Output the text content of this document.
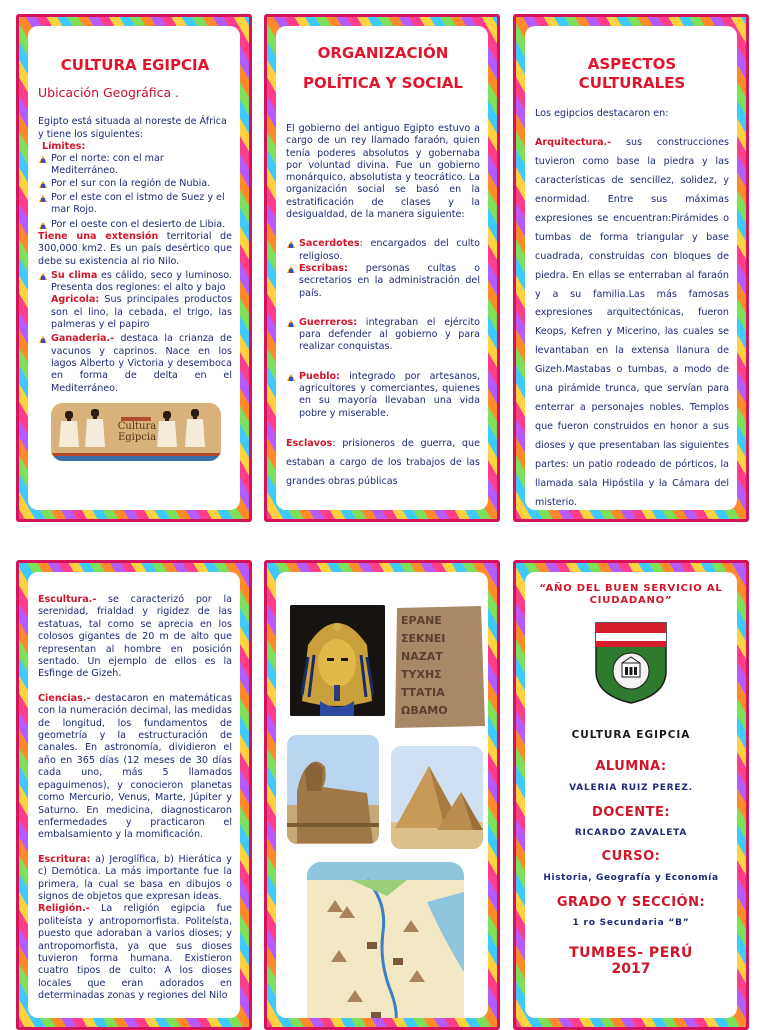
CULTURA EGIPCIA
Ubicación Geográfica .

Egipto está situada al noreste de África y tiene los siguientes:

Límites:
Por el norte: con el mar Mediterráneo.
Por el sur con la región de Nubia.
Por el este con el istmo de Suez y el mar Rojo.
Por el oeste con el desierto de Libia.

Tiene una extensión territorial de 300,000 km2. Es un país desértico que debe su existencia al rio Nilo.

Su clima es cálido, seco y luminoso. Presenta dos regiones: el alto y bajo
Agricola: Sus principales productos son el lino, la cebada, el trigo, las palmeras y el papiro
Ganaderia.- destaca la crianza de vacunos y caprinos. Nace en los lagos Alberto y Victoria y desemboca en forma de delta en el Mediterráneo.
Cultura Egipcia
ORGANIZACIÓN POLÍTICA Y SOCIAL

El gobierno del antiguo Egipto estuvo a cargo de un rey llamado faraón, quien tenía poderes absolutos y gobernaba por voluntad divina. Fue un gobierno monárquico, absolutista y teocrático. La organización social se basó en la estratificación de clases y la desigualdad, de la manera siguiente:

Sacerdotes: encargados del culto religioso.
Escribas: personas cultas o secretarios en la administración del país.
Guerreros: integraban el ejército para defender al gobierno y para realizar conquistas.
Pueblo: integrado por artesanos, agricultores y comerciantes, quienes en su mayoría llevaban una vida pobre y miserable.

Esclavos: prisioneros de guerra, que estaban a cargo de los trabajos de las grandes obras públicas

ASPECTOS CULTURALES

Los egipcios destacaron en:

Arquitectura.- sus construcciones tuvieron como base la piedra y las características de sencillez, solidez, y enormidad. Entre sus máximas expresiones se encuentran:Pirámides o tumbas de forma triangular y base cuadrada, construidas con bloques de piedra. En ellas se enterraban al faraón y a su familia.Las más famosas expresiones arquitectónicas, fueron Keops, Kefren y Micerino, las cuales se levantaban en la extensa llanura de Gizeh.Mastabas o tumbas, a modo de una pirámide trunca, que servían para enterrar a personajes nobles. Templos que fueron construidos en honor a sus dioses y que presentaban las siguientes partes: un patio rodeado de pórticos, la llamada sala Hipóstila y la Cámara del misterio.

Escultura.- se caracterizó por la serenidad, frialdad y rigidez de las estatuas, tal como se aprecia en los colosos gigantes de 20 m de alto que representan al hombre en posición sentado. Un ejemplo de ellos es la Esfinge de Gizeh.

Ciencias.- destacaron en matemáticas con la numeración decimal, las medidas de longitud, los fundamentos de geometría y la estructuración de canales. En astronomía, dividieron el año en 365 días (12 meses de 30 días cada uno, más 5 llamados epaguimenos), y conocieron planetas como Mercurio, Venus, Marte, Júpiter y Saturno. En medicina, diagnosticaron enfermedades y practicaron el embalsamiento y la momificación.

Escritura: a) Jeroglífica, b) Hierática y c) Demótica. La más importante fue la primera, la cual se basa en dibujos o signos de objetos que expresan ideas.

Religión.- La religión egipcia fue politeísta y antropomorfista. Politeísta, puesto que adoraban a varios dioses; y antropomorfista, ya que sus dioses tuvieron forma humana. Existieron cuatro tipos de culto: A los dioses locales que eran adorados en determinadas zonas y regiones del Nilo

ΕΡΑΝΕ
ΣΕΚΝΕΙ
ΝΑΖΑΤ
ΤΥΧΗΣ
ΤΤΑΤΙΑ
ΩΒΑΜΟ
“AÑO DEL BUEN SERVICIO AL CIUDADANO”
CULTURA EGIPCIA
ALUMNA:
VALERIA RUIZ PEREZ.
DOCENTE:
RICARDO ZAVALETA
CURSO:
Historia, Geografía y Economía
GRADO Y SECCIÓN:
1 ro Secundaria “B”
TUMBES- PERÚ
2017
